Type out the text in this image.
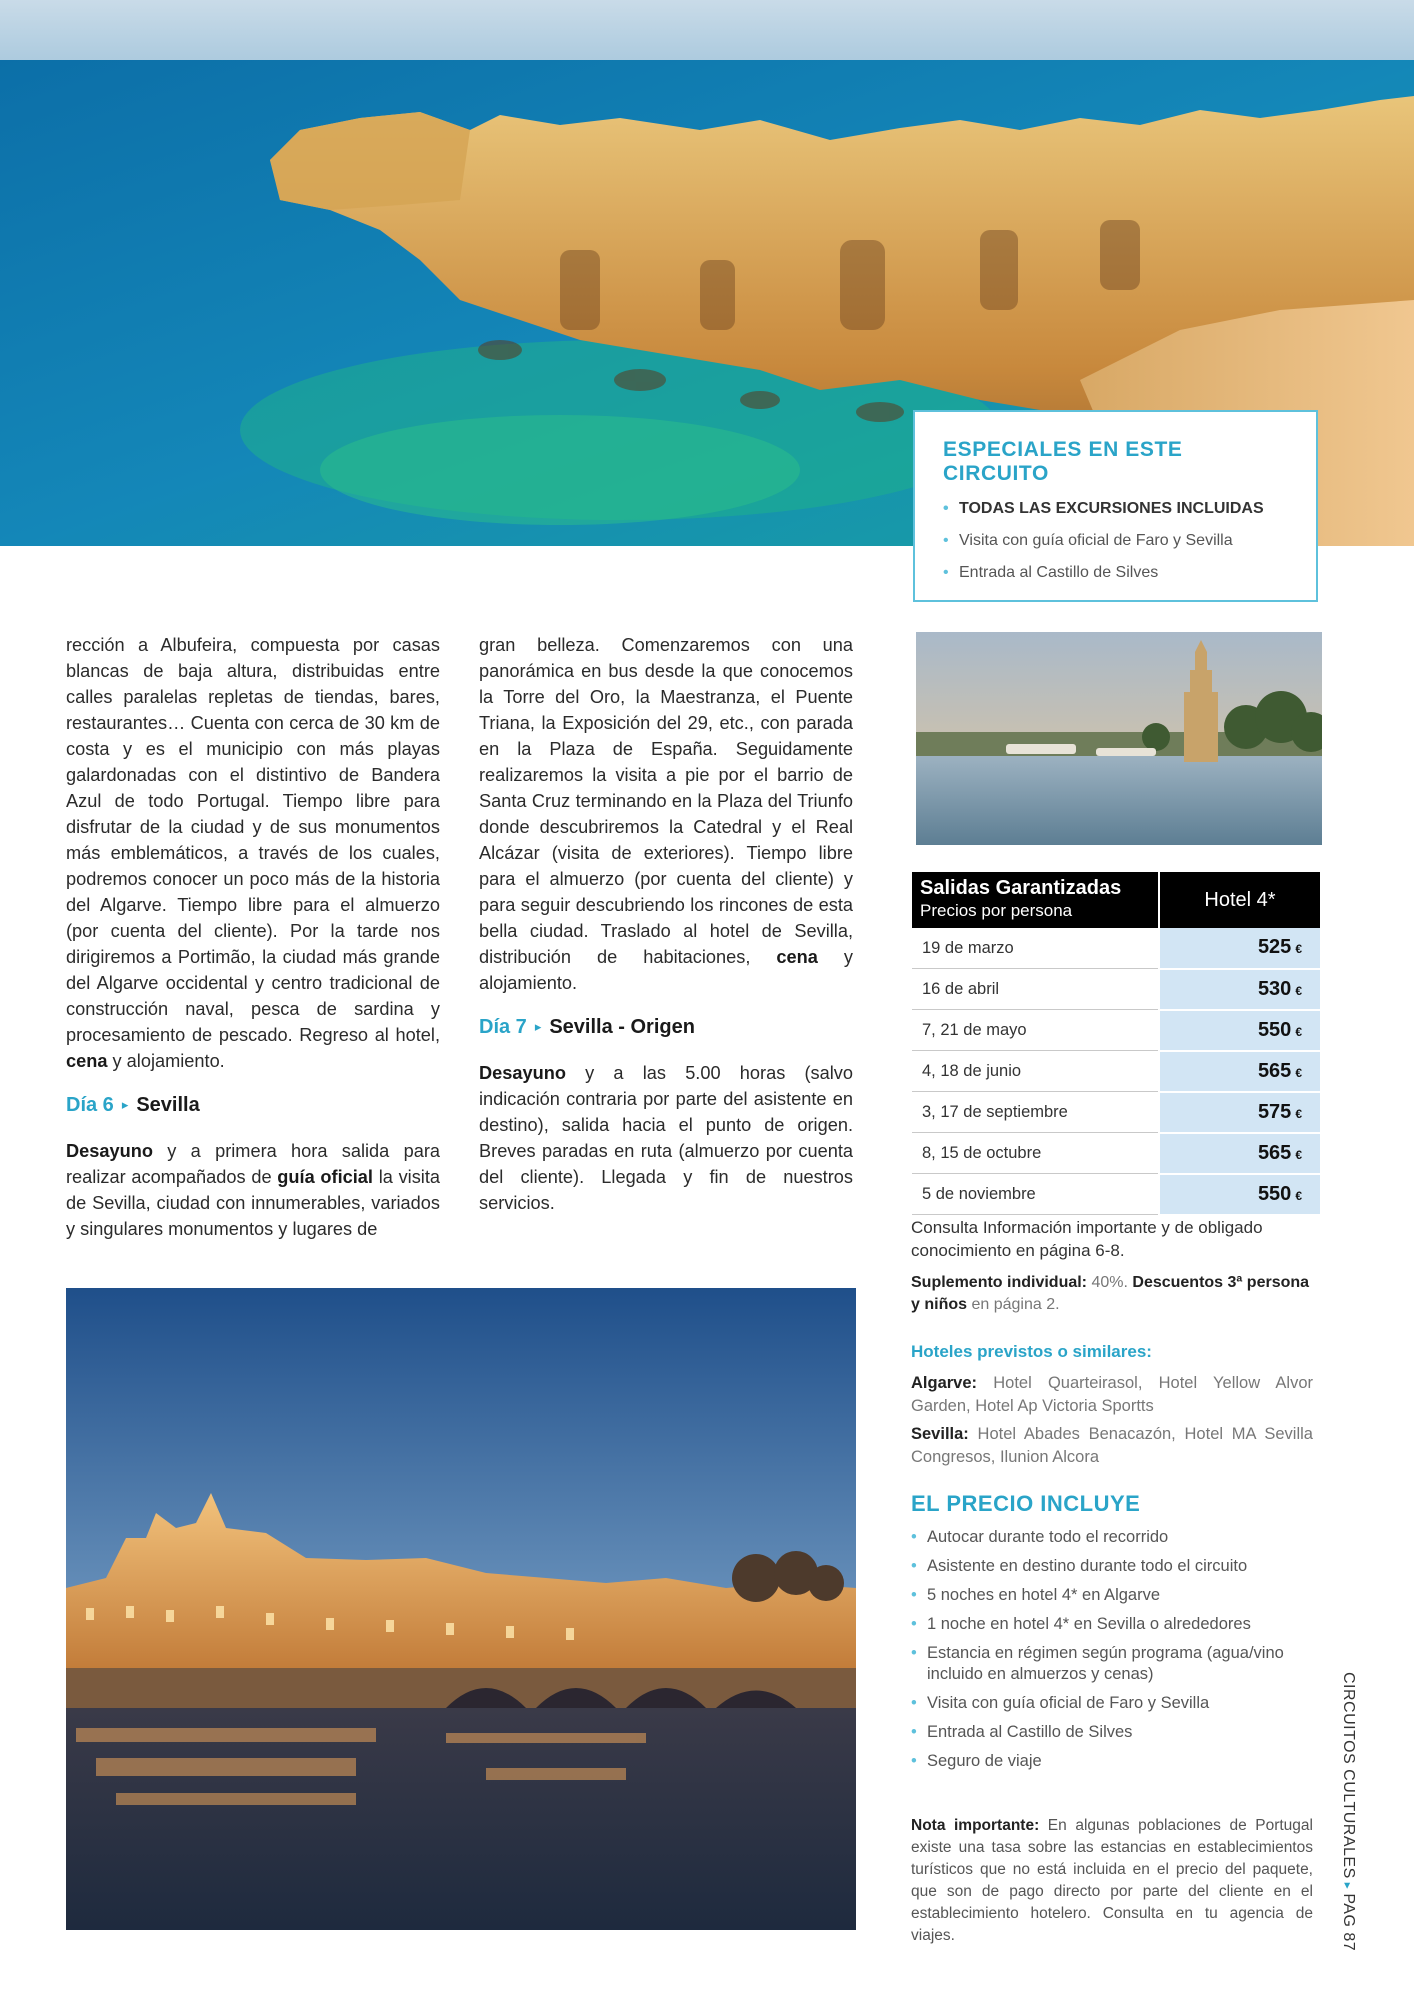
ESPECIALES EN ESTE CIRCUITO
• TODAS LAS EXCURSIONES INCLUIDAS
• Visita con guía oficial de Faro y Sevilla
• Entrada al Castillo de Silves

rección a Albufeira, compuesta por casas blancas de baja altura, distribuidas entre calles paralelas repletas de tiendas, bares, restaurantes… Cuenta con cerca de 30 km de costa y es el municipio con más playas galardonadas con el distintivo de Bandera Azul de todo Portugal. Tiempo libre para disfrutar de la ciudad y de sus monumentos más emblemáticos, a través de los cuales, podremos conocer un poco más de la historia del Algarve. Tiempo libre para el almuerzo (por cuenta del cliente). Por la tarde nos dirigiremos a Portimão, la ciudad más grande del Algarve occidental y centro tradicional de construcción naval, pesca de sardina y procesamiento de pescado. Regreso al hotel, cena y alojamiento.

Día 6 ▸ Sevilla

Desayuno y a primera hora salida para realizar acompañados de guía oficial la visita de Sevilla, ciudad con innumerables, variados y singulares monumentos y lugares de

gran belleza. Comenzaremos con una panorámica en bus desde la que conocemos la Torre del Oro, la Maestranza, el Puente Triana, la Exposición del 29, etc., con parada en la Plaza de España. Seguidamente realizaremos la visita a pie por el barrio de Santa Cruz terminando en la Plaza del Triunfo donde descubriremos la Catedral y el Real Alcázar (visita de exteriores). Tiempo libre para el almuerzo (por cuenta del cliente) y para seguir descubriendo los rincones de esta bella ciudad. Traslado al hotel de Sevilla, distribución de habitaciones, cena y alojamiento.

Día 7 ▸ Sevilla - Origen

Desayuno y a las 5.00 horas (salvo indicación contraria por parte del asistente en destino), salida hacia el punto de origen. Breves paradas en ruta (almuerzo por cuenta del cliente). Llegada y fin de nuestros servicios.

Salidas Garantizadas
Precios por persona	Hotel 4*
19 de marzo	525 €
16 de abril	530 €
7, 21 de mayo	550 €
4, 18 de junio	565 €
3, 17 de septiembre	575 €
8, 15 de octubre	565 €
5 de noviembre	550 €
Consulta Información importante y de obligado conocimiento en página 6-8.
Suplemento individual: 40%. Descuentos 3ª persona y niños en página 2.
Hoteles previstos o similares:
Algarve: Hotel Quarteirasol, Hotel Yellow Alvor Garden, Hotel Ap Victoria Sportts
Sevilla: Hotel Abades Benacazón, Hotel MA Sevilla Congresos, Ilunion Alcora
EL PRECIO INCLUYE
• Autocar durante todo el recorrido
• Asistente en destino durante todo el circuito
• 5 noches en hotel 4* en Algarve
• 1 noche en hotel 4* en Sevilla o alrededores
• Estancia en régimen según programa (agua/vino incluido en almuerzos y cenas)
• Visita con guía oficial de Faro y Sevilla
• Entrada al Castillo de Silves
• Seguro de viaje
Nota importante: En algunas poblaciones de Portugal existe una tasa sobre las estancias en establecimientos turísticos que no está incluida en el precio del paquete, que son de pago directo por parte del cliente en el establecimiento hotelero. Consulta en tu agencia de viajes.
CIRCUITOS CULTURALES▸PAG 87
